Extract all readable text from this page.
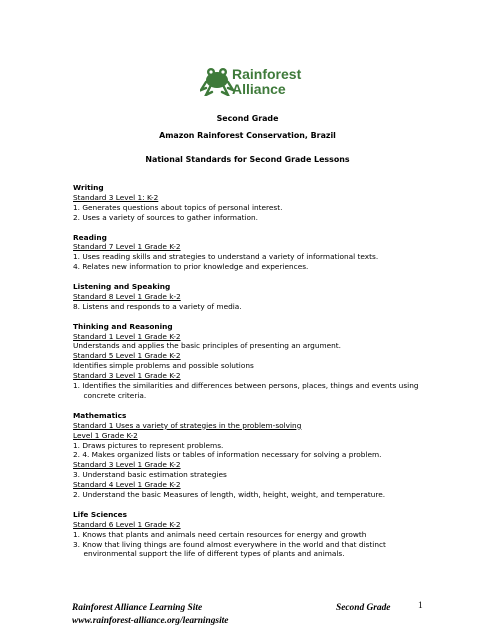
Rainforest
Alliance
Second Grade
Amazon Rainforest Conservation, Brazil
National Standards for Second Grade Lessons
Writing
Standard 3 Level 1: K-2
1. Generates questions about topics of personal interest.
2. Uses a variety of sources to gather information.
Reading
Standard 7 Level 1 Grade K-2
1. Uses reading skills and strategies to understand a variety of informational texts.
4. Relates new information to prior knowledge and experiences.
Listening and Speaking
Standard 8 Level 1 Grade k-2
8. Listens and responds to a variety of media.
Thinking and Reasoning
Standard 1 Level 1 Grade K-2
Understands and applies the basic principles of presenting an argument.
Standard 5 Level 1 Grade K-2
Identifies simple problems and possible solutions
Standard 3 Level 1 Grade K-2
1. Identifies the similarities and differences between persons, places, things and events using concrete criteria.
Mathematics
Standard 1 Uses a variety of strategies in the problem-solving
Level 1 Grade K-2
1. Draws pictures to represent problems.
2. 4. Makes organized lists or tables of information necessary for solving a problem.
Standard 3 Level 1 Grade K-2
3. Understand basic estimation strategies
Standard 4 Level 1 Grade K-2
2. Understand the basic Measures of length, width, height, weight, and temperature.
Life Sciences
Standard 6 Level 1 Grade K-2
1. Knows that plants and animals need certain resources for energy and growth
3. Know that living things are found almost everywhere in the world and that distinct environmental support the life of different types of plants and animals.
Rainforest Alliance Learning Site
www.rainforest-alliance.org/learningsite
Second Grade	1
